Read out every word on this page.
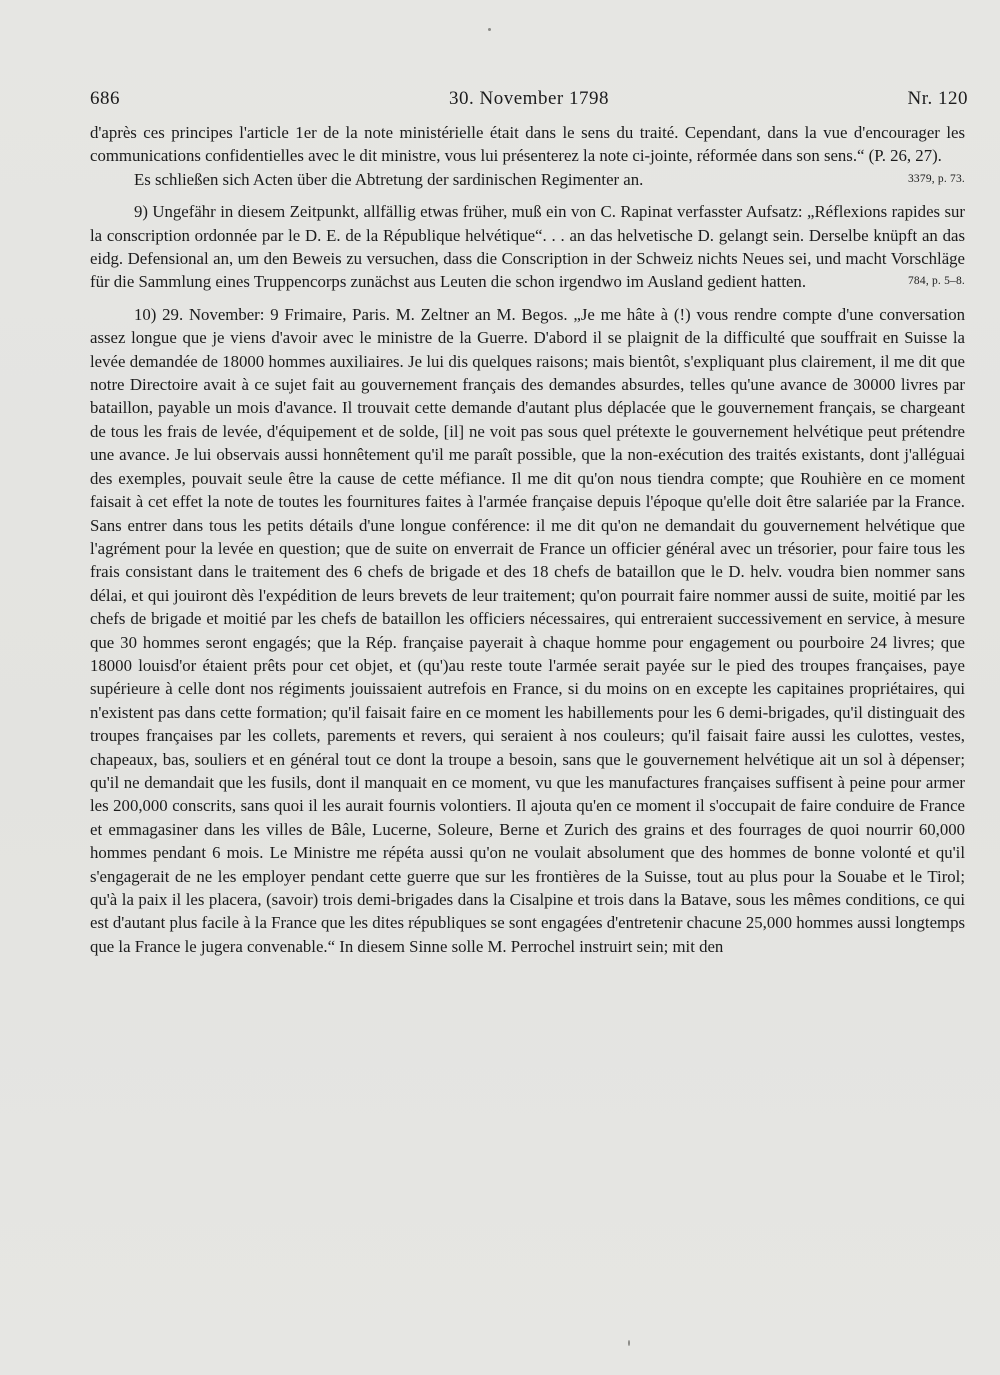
686	30. November 1798	Nr. 120

d'après ces principes l'article 1er de la note ministérielle était dans le sens du traité. Cependant, dans la vue d'encourager les communications confidentielles avec le dit ministre, vous lui présenterez la note ci-jointe, réformée dans son sens.“ (P. 26, 27).
3379, p. 73.

Es schließen sich Acten über die Abtretung der sardinischen Regimenter an.

9) Ungefähr in diesem Zeitpunkt, allfällig etwas früher, muß ein von C. Rapinat verfasster Aufsatz: „Réflexions rapides sur la conscription ordonnée par le D. E. de la République helvétique“. . . an das helvetische D. gelangt sein. Derselbe knüpft an das eidg. Defensional an, um den Beweis zu versuchen, dass die Conscription in der Schweiz nichts Neues sei, und macht Vorschläge für die Sammlung eines Truppencorps zunächst aus Leuten die schon irgendwo im Ausland gedient hatten.	784, p. 5–8.

10) 29. November: 9 Frimaire, Paris. M. Zeltner an M. Begos. „Je me hâte à (!) vous rendre compte d'une conversation assez longue que je viens d'avoir avec le ministre de la Guerre. D'abord il se plaignit de la difficulté que souffrait en Suisse la levée demandée de 18000 hommes auxiliaires. Je lui dis quelques raisons; mais bientôt, s'expliquant plus clairement, il me dit que notre Directoire avait à ce sujet fait au gouvernement français des demandes absurdes, telles qu'une avance de 30000 livres par bataillon, payable un mois d'avance. Il trouvait cette demande d'autant plus déplacée que le gouvernement français, se chargeant de tous les frais de levée, d'équipement et de solde, [il] ne voit pas sous quel prétexte le gouvernement helvétique peut prétendre une avance. Je lui observais aussi honnêtement qu'il me paraît possible, que la non-exécution des traités existants, dont j'alléguai des exemples, pouvait seule être la cause de cette méfiance. Il me dit qu'on nous tiendra compte; que Rouhière en ce moment faisait à cet effet la note de toutes les fournitures faites à l'armée française depuis l'époque qu'elle doit être salariée par la France. Sans entrer dans tous les petits détails d'une longue conférence: il me dit qu'on ne demandait du gouvernement helvétique que l'agrément pour la levée en question; que de suite on enverrait de France un officier général avec un trésorier, pour faire tous les frais consistant dans le traitement des 6 chefs de brigade et des 18 chefs de bataillon que le D. helv. voudra bien nommer sans délai, et qui jouiront dès l'expédition de leurs brevets de leur traitement; qu'on pourrait faire nommer aussi de suite, moitié par les chefs de brigade et moitié par les chefs de bataillon les officiers nécessaires, qui entreraient successivement en service, à mesure que 30 hommes seront engagés; que la Rép. française payerait à chaque homme pour engagement ou pourboire 24 livres; que 18000 louisd'or étaient prêts pour cet objet, et (qu')au reste toute l'armée serait payée sur le pied des troupes françaises, paye supérieure à celle dont nos régiments jouissaient autrefois en France, si du moins on en excepte les capitaines propriétaires, qui n'existent pas dans cette formation; qu'il faisait faire en ce moment les habillements pour les 6 demi-brigades, qu'il distinguait des troupes françaises par les collets, parements et revers, qui seraient à nos couleurs; qu'il faisait faire aussi les culottes, vestes, chapeaux, bas, souliers et en général tout ce dont la troupe a besoin, sans que le gouvernement helvétique ait un sol à dépenser; qu'il ne demandait que les fusils, dont il manquait en ce moment, vu que les manufactures françaises suffisent à peine pour armer les 200,000 conscrits, sans quoi il les aurait fournis volontiers. Il ajouta qu'en ce moment il s'occupait de faire conduire de France et emmagasiner dans les villes de Bâle, Lucerne, Soleure, Berne et Zurich des grains et des fourrages de quoi nourrir 60,000 hommes pendant 6 mois. Le Ministre me répéta aussi qu'on ne voulait absolument que des hommes de bonne volonté et qu'il s'engagerait de ne les employer pendant cette guerre que sur les frontières de la Suisse, tout au plus pour la Souabe et le Tirol; qu'à la paix il les placera, (savoir) trois demi-brigades dans la Cisalpine et trois dans la Batave, sous les mêmes conditions, ce qui est d'autant plus facile à la France que les dites républiques se sont engagées d'entretenir chacune 25,000 hommes aussi longtemps que la France le jugera convenable.“ In diesem Sinne solle M. Perrochel instruirt sein; mit den
